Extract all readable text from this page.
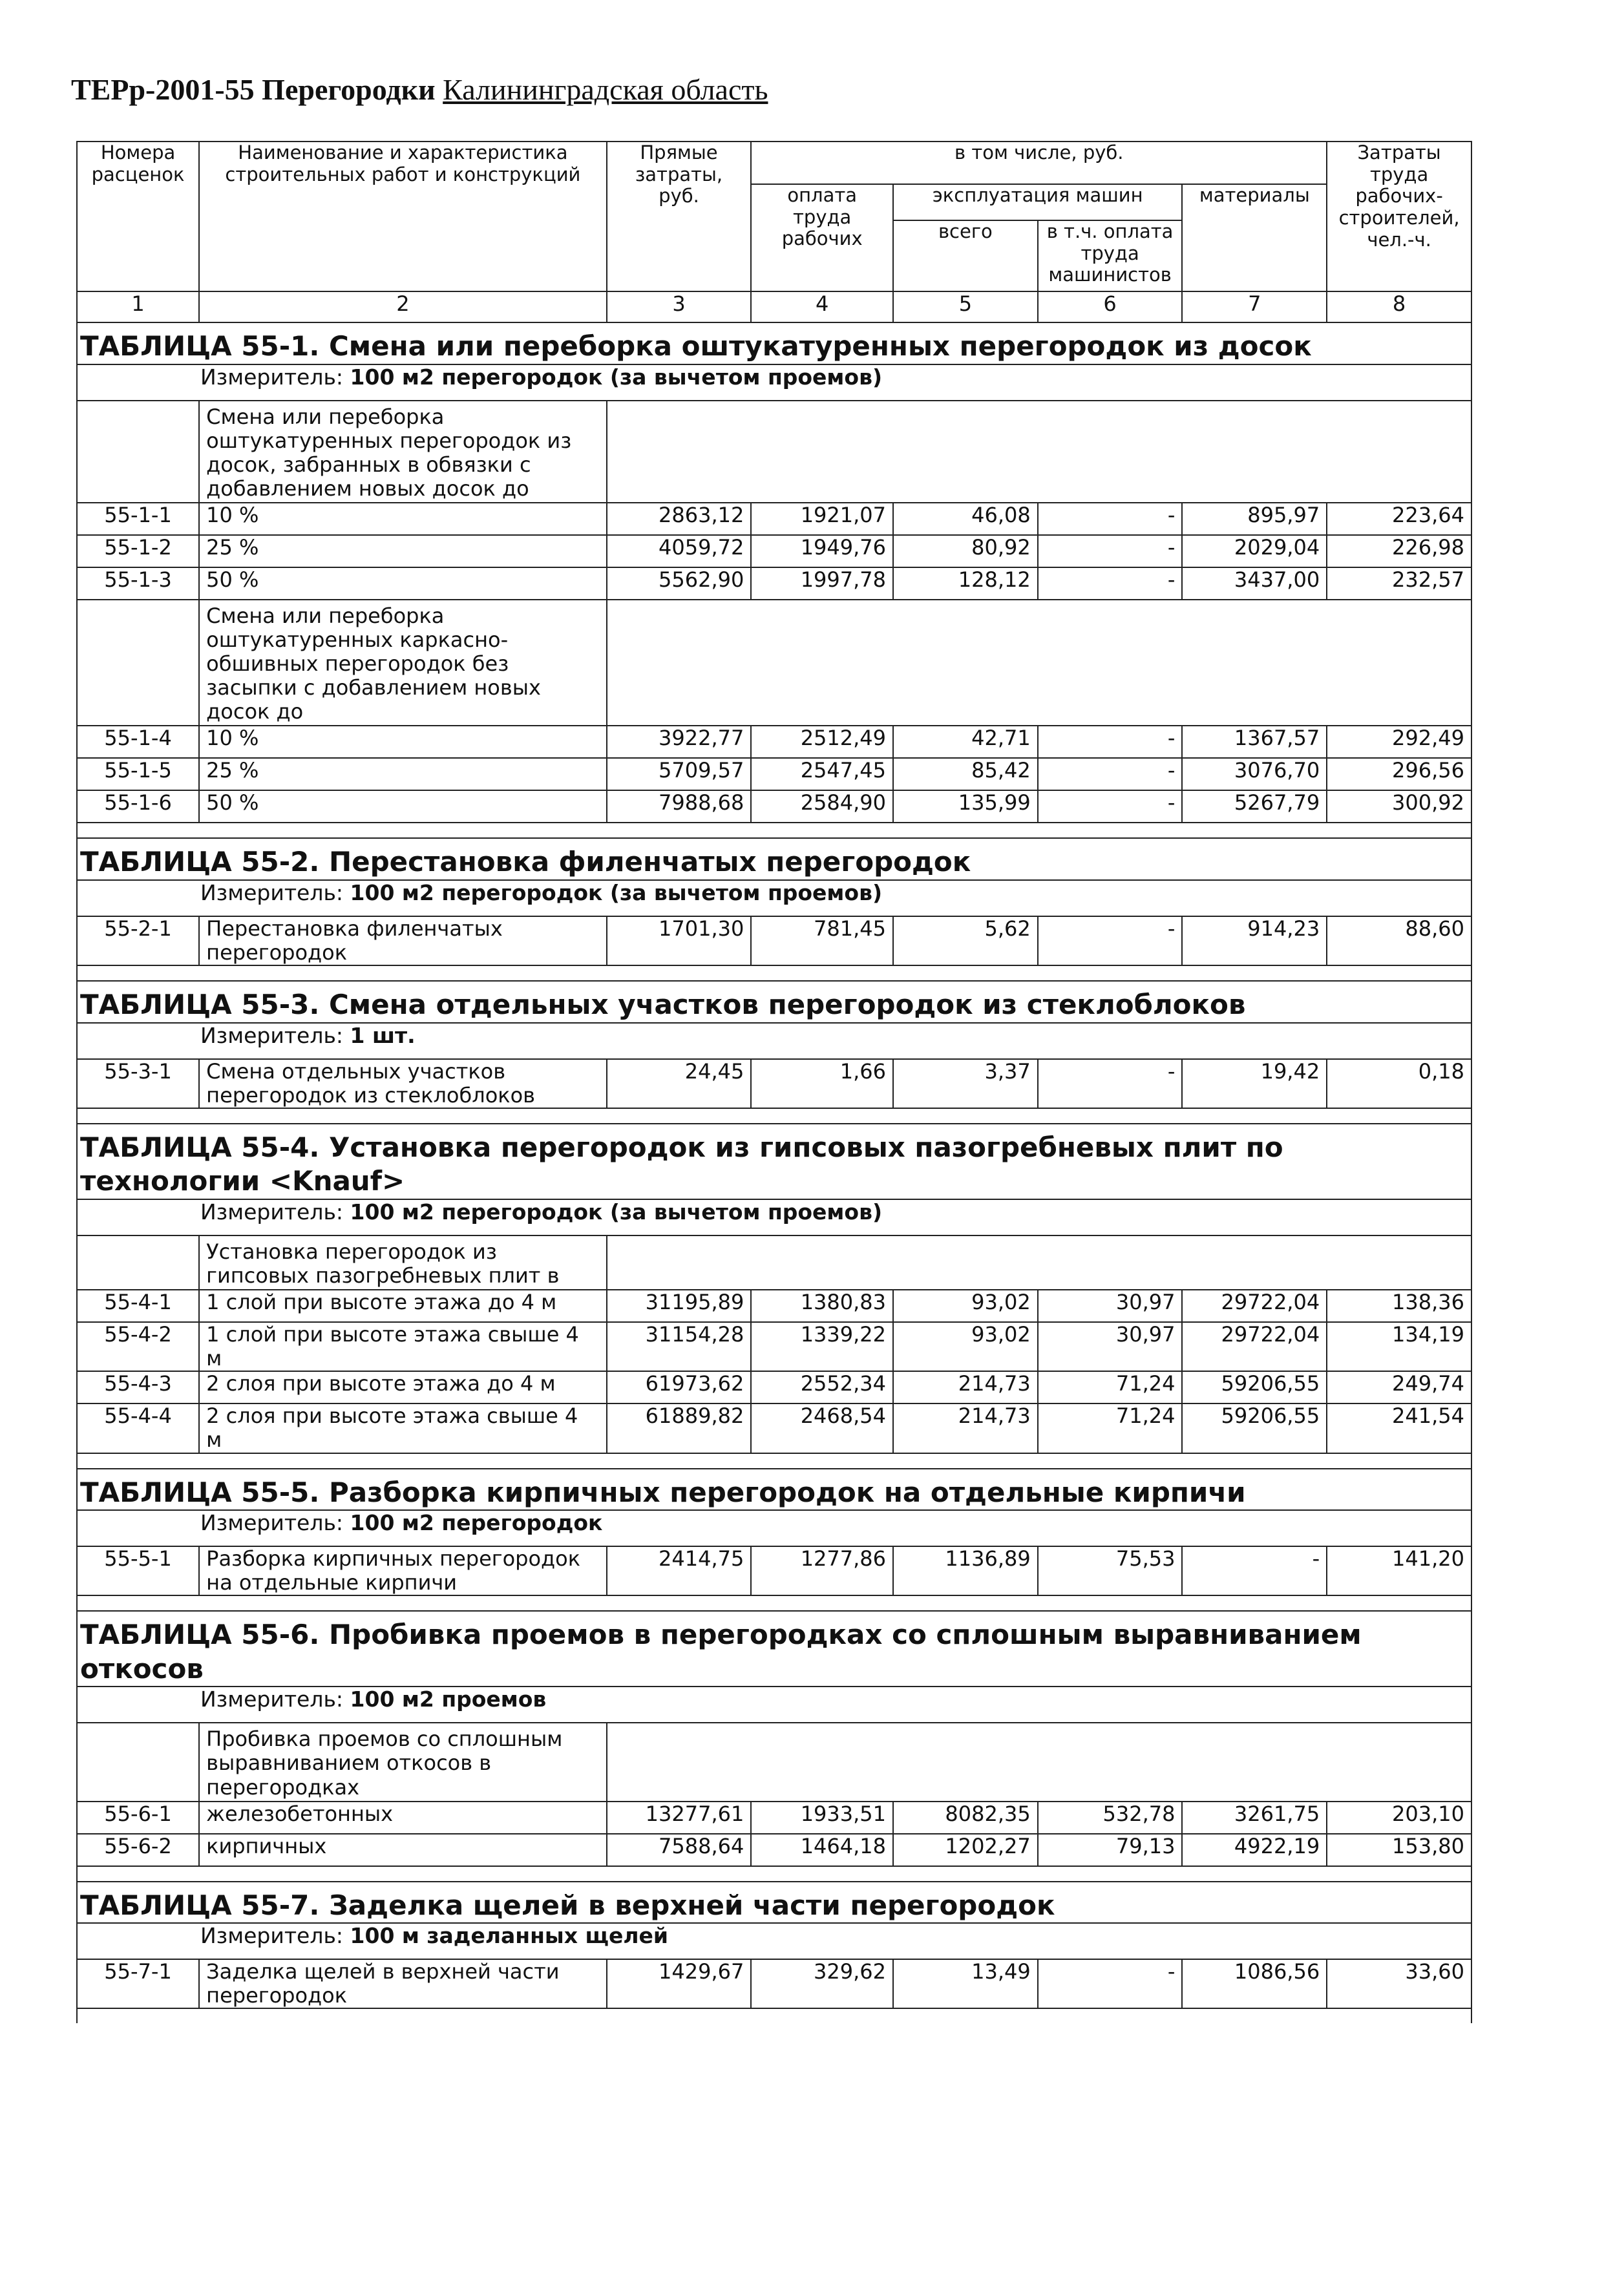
ТЕРр-2001-55 Перегородки Калининградская область
Номера расценок	Наименование и характеристика строительных работ и конструкций	Прямые затраты, руб.	в том числе, руб.				Затраты труда рабочих-строителей, чел.-ч.
			оплата труда рабочих	эксплуатация машин		материалы	
				всего	в т.ч. оплата труда машинистов		
1	2	3	4	5	6	7	8
ТАБЛИЦА 55-1. Смена или переборка оштукатуренных перегородок из досок							
Измеритель: 100 м2 перегородок (за вычетом проемов)							
	Смена или переборка оштукатуренных перегородок из досок, забранных в обвязки с добавлением новых досок до						
55-1-1	10 %	2863,12	1921,07	46,08	-	895,97	223,64
55-1-2	25 %	4059,72	1949,76	80,92	-	2029,04	226,98
55-1-3	50 %	5562,90	1997,78	128,12	-	3437,00	232,57
	Смена или переборка оштукатуренных каркасно-обшивных перегородок без засыпки с добавлением новых досок до						
55-1-4	10 %	3922,77	2512,49	42,71	-	1367,57	292,49
55-1-5	25 %	5709,57	2547,45	85,42	-	3076,70	296,56
55-1-6	50 %	7988,68	2584,90	135,99	-	5267,79	300,92

ТАБЛИЦА 55-2. Перестановка филенчатых перегородок							
Измеритель: 100 м2 перегородок (за вычетом проемов)							
55-2-1	Перестановка филенчатых перегородок	1701,30	781,45	5,62	-	914,23	88,60

ТАБЛИЦА 55-3. Смена отдельных участков перегородок из стеклоблоков							
Измеритель: 1 шт.							
55-3-1	Смена отдельных участков перегородок из стеклоблоков	24,45	1,66	3,37	-	19,42	0,18

ТАБЛИЦА 55-4. Установка перегородок из гипсовых пазогребневых плит по технологии <Knauf>							
Измеритель: 100 м2 перегородок (за вычетом проемов)							
	Установка перегородок из гипсовых пазогребневых плит в						
55-4-1	1 слой при высоте этажа до 4 м	31195,89	1380,83	93,02	30,97	29722,04	138,36
55-4-2	1 слой при высоте этажа свыше 4 м	31154,28	1339,22	93,02	30,97	29722,04	134,19
55-4-3	2 слоя при высоте этажа до 4 м	61973,62	2552,34	214,73	71,24	59206,55	249,74
55-4-4	2 слоя при высоте этажа свыше 4 м	61889,82	2468,54	214,73	71,24	59206,55	241,54

ТАБЛИЦА 55-5. Разборка кирпичных перегородок на отдельные кирпичи							
Измеритель: 100 м2 перегородок							
55-5-1	Разборка кирпичных перегородок на отдельные кирпичи	2414,75	1277,86	1136,89	75,53	-	141,20

ТАБЛИЦА 55-6. Пробивка проемов в перегородках со сплошным выравниванием откосов							
Измеритель: 100 м2 проемов							
	Пробивка проемов со сплошным выравниванием откосов в перегородках						
55-6-1	железобетонных	13277,61	1933,51	8082,35	532,78	3261,75	203,10
55-6-2	кирпичных	7588,64	1464,18	1202,27	79,13	4922,19	153,80

ТАБЛИЦА 55-7. Заделка щелей в верхней части перегородок							
Измеритель: 100 м заделанных щелей							
55-7-1	Заделка щелей в верхней части перегородок	1429,67	329,62	13,49	-	1086,56	33,60
